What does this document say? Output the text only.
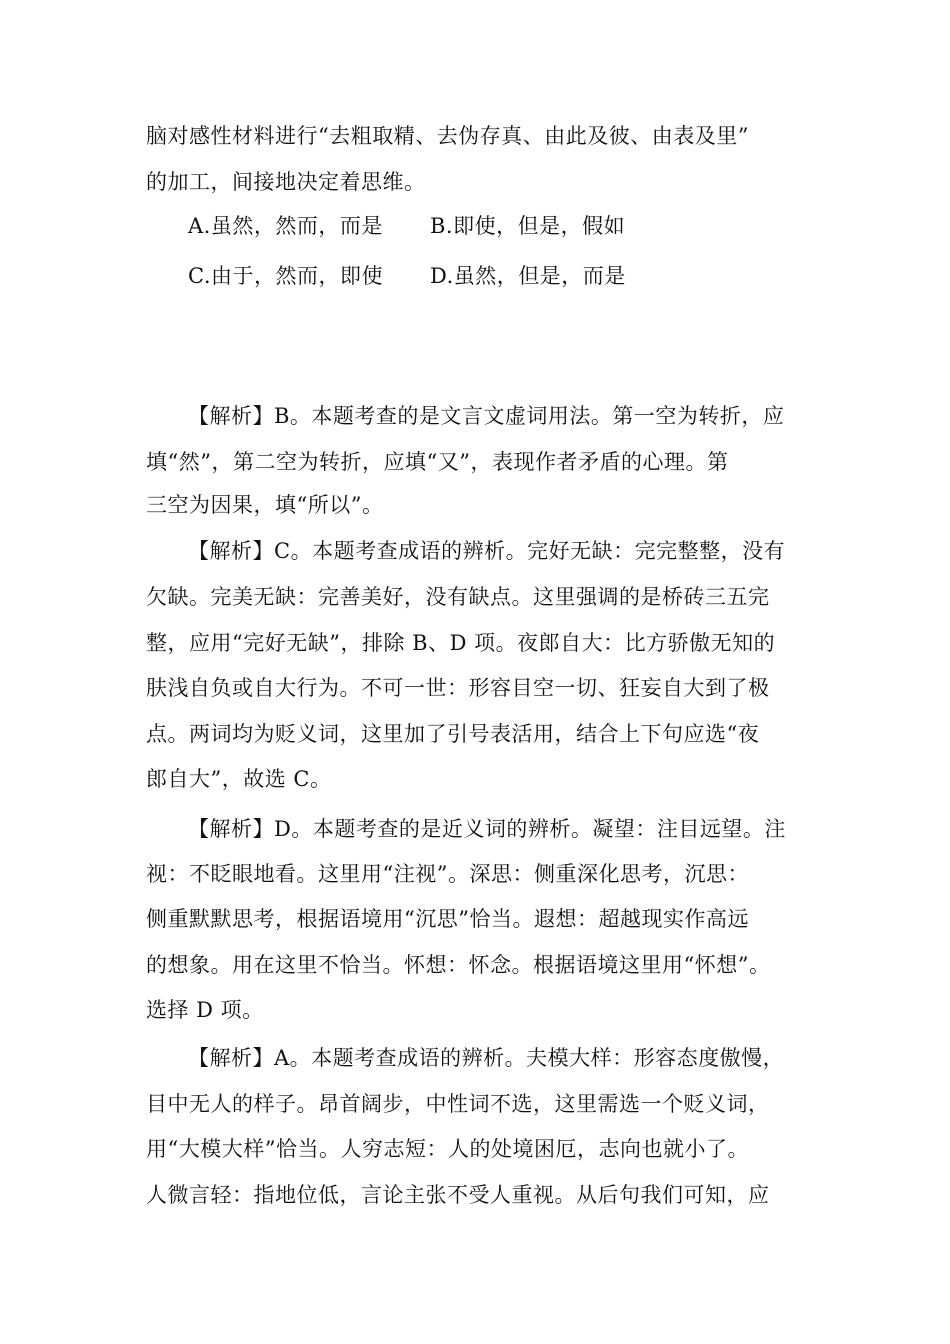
脑对感性材料进行“去粗取精、去伪存真、由此及彼、由表及里”
的加工，间接地决定着思维。
A.虽然，然而，而是 B.即使，但是，假如
C.由于，然而，即使 D.虽然，但是，而是
【解析】B。本题考查的是文言文虚词用法。第一空为转折，应
填“然”，第二空为转折，应填“又”，表现作者矛盾的心理。第
三空为因果，填“所以”。
【解析】C。本题考查成语的辨析。完好无缺：完完整整，没有
欠缺。完美无缺：完善美好，没有缺点。这里强调的是桥砖三五完
整，应用“完好无缺”，排除 B、D 项。夜郎自大：比方骄傲无知的
肤浅自负或自大行为。不可一世：形容目空一切、狂妄自大到了极
点。两词均为贬义词，这里加了引号表活用，结合上下句应选“夜
郎自大”，故选 C。
【解析】D。本题考查的是近义词的辨析。凝望：注目远望。注
视：不眨眼地看。这里用“注视”。深思：侧重深化思考，沉思：
侧重默默思考，根据语境用“沉思”恰当。遐想：超越现实作高远
的想象。用在这里不恰当。怀想：怀念。根据语境这里用“怀想”。
选择 D 项。
【解析】A。本题考查成语的辨析。夫模大样：形容态度傲慢，
目中无人的样子。昂首阔步，中性词不选，这里需选一个贬义词，
用“大模大样”恰当。人穷志短：人的处境困厄，志向也就小了。
人微言轻：指地位低，言论主张不受人重视。从后句我们可知，应
